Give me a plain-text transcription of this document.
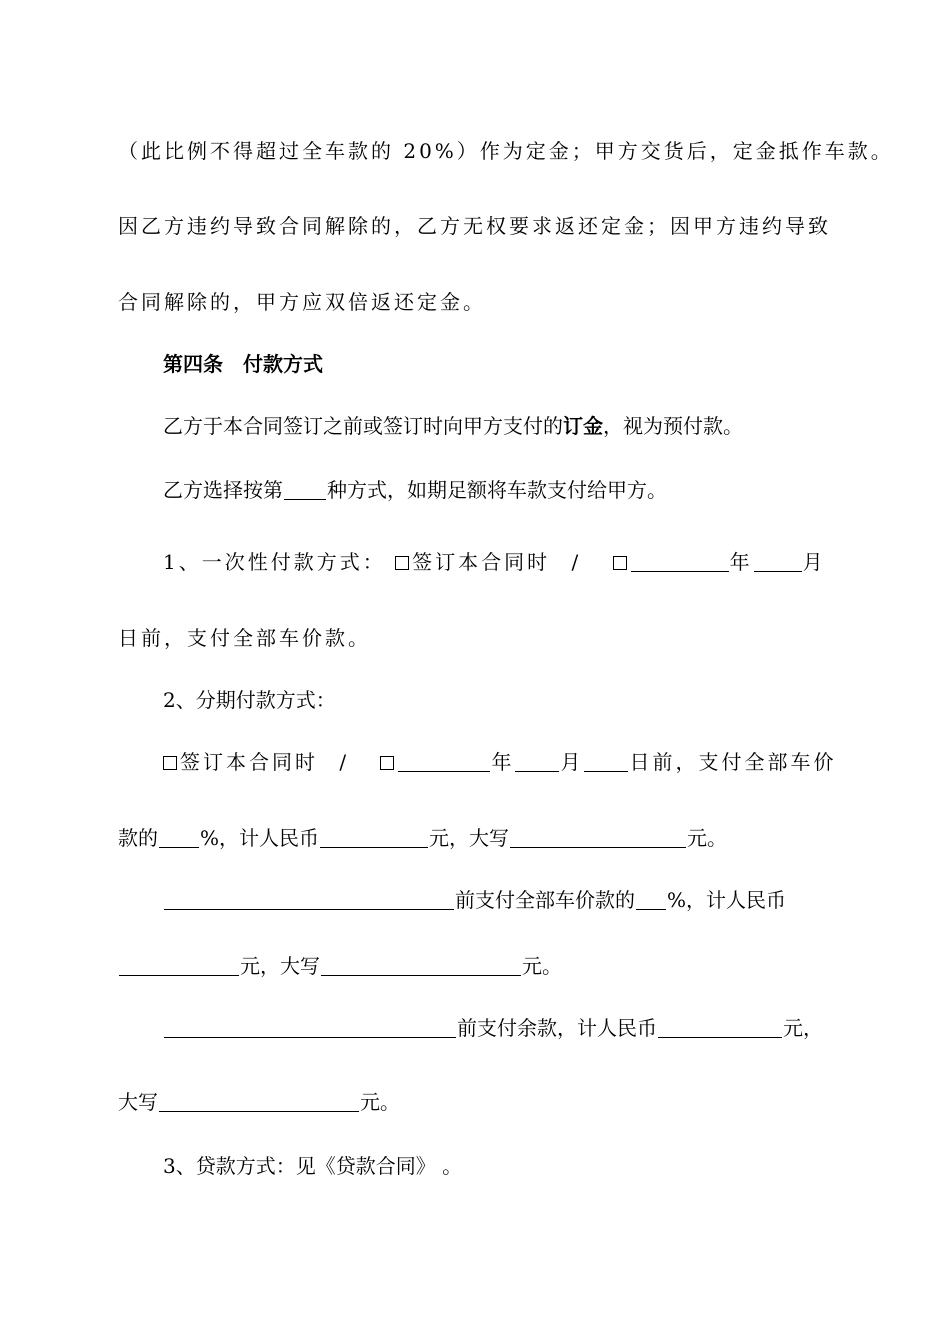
（此比例不得超过全车款的 20%）作为定金；甲方交货后，定金抵作车款。
因乙方违约导致合同解除的，乙方无权要求返还定金；因甲方违约导致
合同解除的，甲方应双倍返还定金。
第四条　付款方式
乙方于本合同签订之前或签订时向甲方支付的订金，视为预付款。
乙方选择按第 种方式，如期足额将车款支付给甲方。
1、一次性付款方式： 签订本合同时 /	年	月
日前，支付全部车价款。
2、分期付款方式：
签订本合同时 /	年 月 日前，支付全部车价
款的 %，计人民币	元，大写	元。
前支付全部车价款的 %，计人民币
元，大写	元。
前支付余款，计人民币	元，
大写	元。
3、贷款方式：见《贷款合同》 。
